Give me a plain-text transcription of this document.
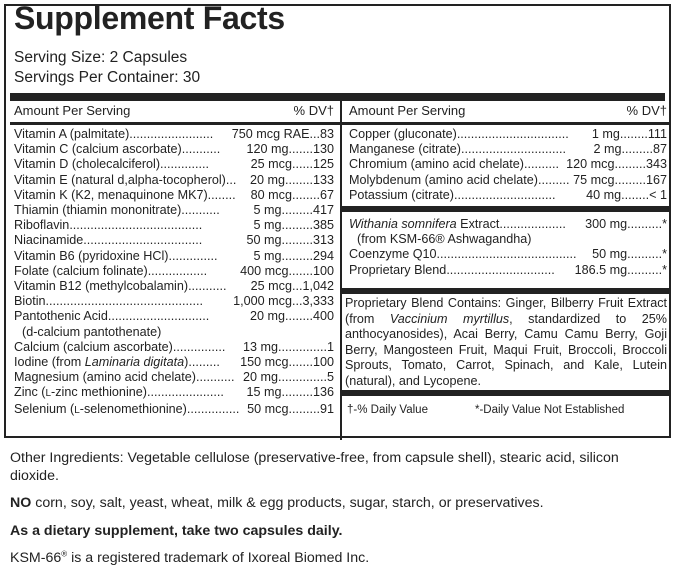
Supplement Facts
Serving Size: 2 Capsules
Servings Per Container: 30
Amount Per Serving	% DV†
Vitamin A (palmitate) ........................	750 mcg RAE ... 83
Vitamin C (calcium ascorbate) ...........	120 mg ....... 130
Vitamin D (cholecalciferol) ..............	25 mcg ...... 125
Vitamin E (natural d,alpha-tocopherol) ...	20 mg ........ 133
Vitamin K (K2, menaquinone MK7) ........	80 mcg ........ 67
Thiamin (thiamin mononitrate) ...........	5 mg ......... 417
Riboflavin ......................................	5 mg ......... 385
Niacinamide ..................................	50 mg ......... 313
Vitamin B6 (pyridoxine HCl) ..............	5 mg ......... 294
Folate (calcium folinate) .................	400 mcg ....... 100
Vitamin B12 (methylcobalamin) ...........	25 mcg ... 1,042
Biotin .............................................	1,000 mcg ... 3,333
Pantothenic Acid .............................	20 mg ........ 400
(d-calcium pantothenate)
Calcium (calcium ascorbate) ...............	13 mg .............. 1
Iodine (from Laminaria digitata) .........	150 mcg ....... 100
Magnesium (amino acid chelate) ........... 20 mg .............. 5
Zinc (L-zinc methionine) ......................	15 mg ......... 136
Selenium (L-selenomethionine) ............... 50 mcg ......... 91
Amount Per Serving	% DV†
Copper (gluconate) ................................	1 mg ........ 111
Manganese (citrate) ..............................	2 mg ......... 87
Chromium (amino acid chelate) .......... 120 mcg ......... 343
Molybdenum (amino acid chelate) ......... 75 mcg ......... 167
Potassium (citrate) .............................	40 mg ........ < 1
Withania somnifera Extract ...................	300 mg .......... *
(from KSM-66® Ashwagandha)
Coenzyme Q10 ........................................	50 mg .......... *
Proprietary Blend ...............................	186.5 mg .......... *
Proprietary Blend Contains: Ginger, Bilberry Fruit Extract (from Vaccinium myrtillus, standardized to 25% anthocyanosides), Acai Berry, Camu Camu Berry, Goji Berry, Mangosteen Fruit, Maqui Fruit, Broccoli, Broccoli Sprouts, Tomato, Carrot, Spinach, and Kale, Lutein (natural), and Lycopene.
†-% Daily Value	*-Daily Value Not Established
Other Ingredients: Vegetable cellulose (preservative-free, from capsule shell), stearic acid, silicon dioxide.
NO corn, soy, salt, yeast, wheat, milk & egg products, sugar, starch, or preservatives.
As a dietary supplement, take two capsules daily.
KSM-66® is a registered trademark of Ixoreal Biomed Inc.
